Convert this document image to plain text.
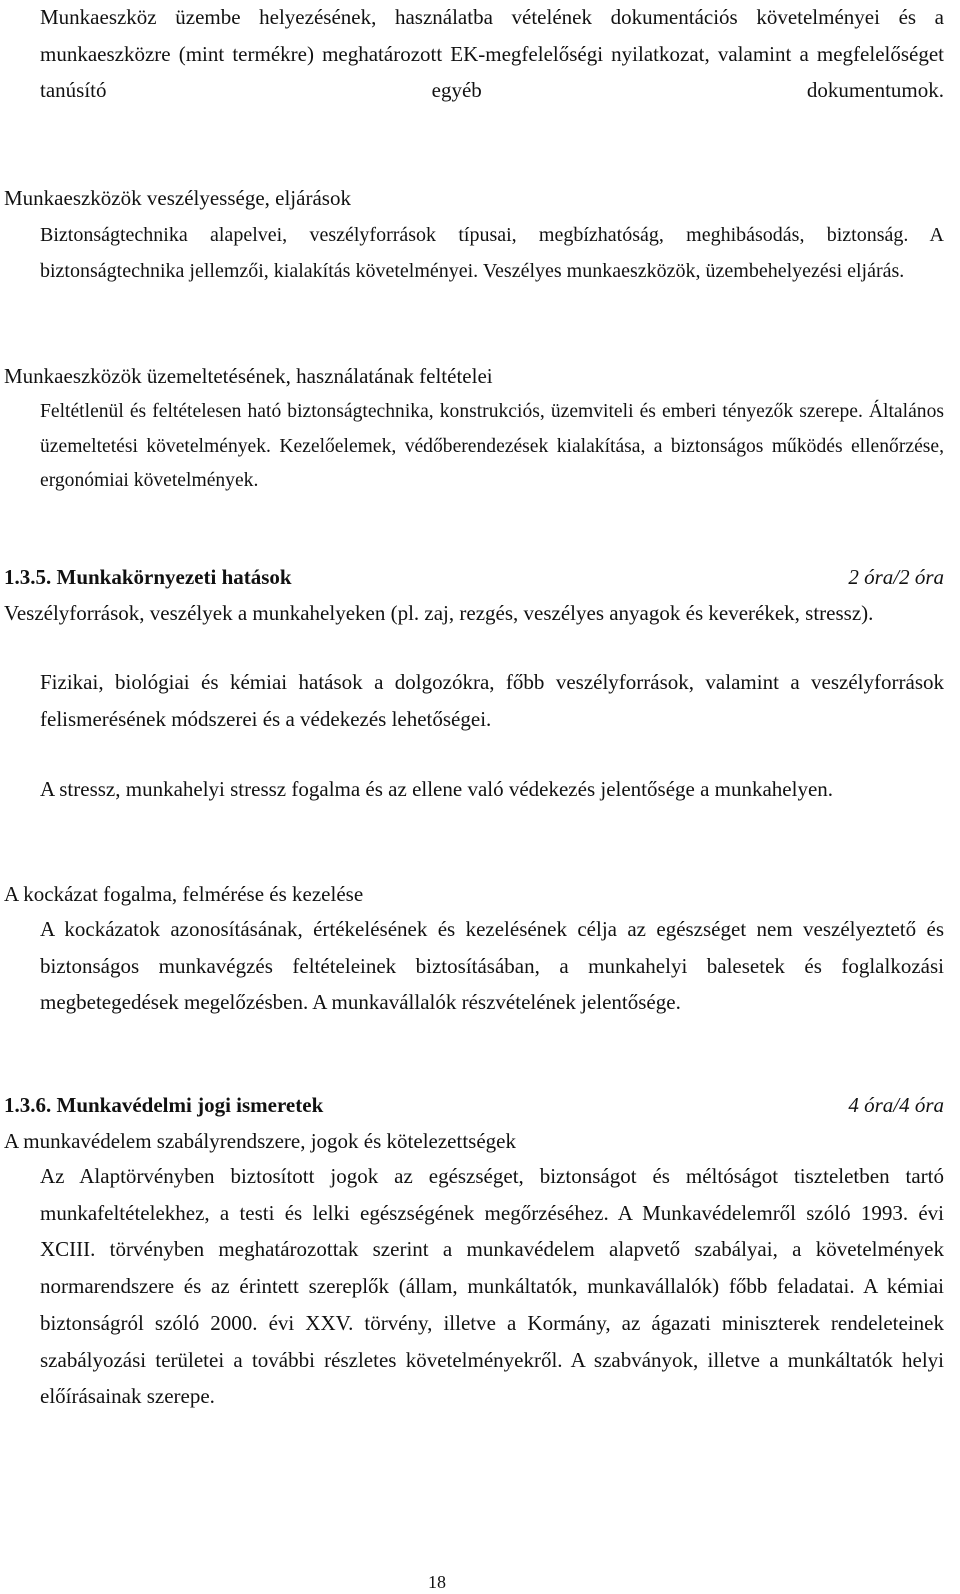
Munkaeszköz üzembe helyezésének, használatba vételének dokumentációs követelményei és a munkaeszközre (mint termékre) meghatározott EK-megfelelőségi nyilatkozat, valamint a megfelelőséget tanúsító egyéb dokumentumok.

Munkaeszközök veszélyessége, eljárások

Biztonságtechnika alapelvei, veszélyforrások típusai, megbízhatóság, meghibásodás, biztonság. A biztonságtechnika jellemzői, kialakítás követelményei. Veszélyes munkaeszközök, üzembehelyezési eljárás.

Munkaeszközök üzemeltetésének, használatának feltételei

Feltétlenül és feltételesen ható biztonságtechnika, konstrukciós, üzemviteli és emberi tényezők szerepe. Általános üzemeltetési követelmények. Kezelőelemek, védőberendezések kialakítása, a biztonságos működés ellenőrzése, ergonómiai követelmények.

1.3.5. Munkakörnyezeti hatások	2 óra/2 óra

Veszélyforrások, veszélyek a munkahelyeken (pl. zaj, rezgés, veszélyes anyagok és keverékek, stressz).

Fizikai, biológiai és kémiai hatások a dolgozókra, főbb veszélyforrások, valamint a veszélyforrások felismerésének módszerei és a védekezés lehetőségei.

A stressz, munkahelyi stressz fogalma és az ellene való védekezés jelentősége a munkahelyen.

A kockázat fogalma, felmérése és kezelése

A kockázatok azonosításának, értékelésének és kezelésének célja az egészséget nem veszélyeztető és biztonságos munkavégzés feltételeinek biztosításában, a munkahelyi balesetek és foglalkozási megbetegedések megelőzésben. A munkavállalók részvételének jelentősége.

1.3.6. Munkavédelmi jogi ismeretek	4 óra/4 óra

A munkavédelem szabályrendszere, jogok és kötelezettségek

Az Alaptörvényben biztosított jogok az egészséget, biztonságot és méltóságot tiszteletben tartó munkafeltételekhez, a testi és lelki egészségének megőrzéséhez. A Munkavédelemről szóló 1993. évi XCIII. törvényben meghatározottak szerint a munkavédelem alapvető szabályai, a követelmények normarendszere és az érintett szereplők (állam, munkáltatók, munkavállalók) főbb feladatai. A kémiai biztonságról szóló 2000. évi XXV. törvény, illetve a Kormány, az ágazati miniszterek rendeleteinek szabályozási területei a további részletes követelményekről. A szabványok, illetve a munkáltatók helyi előírásainak szerepe.

18
